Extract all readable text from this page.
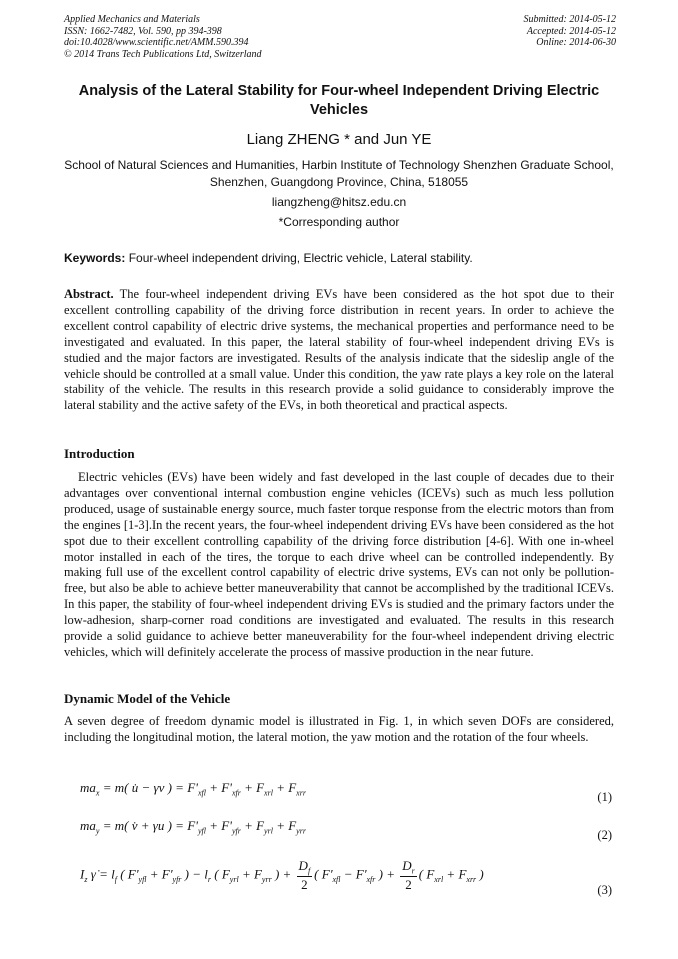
Applied Mechanics and Materials
ISSN: 1662-7482, Vol. 590, pp 394-398
doi:10.4028/www.scientific.net/AMM.590.394
© 2014 Trans Tech Publications Ltd, Switzerland
Submitted: 2014-05-12
Accepted: 2014-05-12
Online: 2014-06-30
Analysis of the Lateral Stability for Four-wheel Independent Driving Electric Vehicles
Liang ZHENG * and Jun YE
School of Natural Sciences and Humanities, Harbin Institute of Technology Shenzhen Graduate School, Shenzhen, Guangdong Province, China, 518055
liangzheng@hitsz.edu.cn
*Corresponding author
Keywords: Four-wheel independent driving, Electric vehicle, Lateral stability.
Abstract. The four-wheel independent driving EVs have been considered as the hot spot due to their excellent controlling capability of the driving force distribution in recent years. In order to achieve the excellent control capability of electric drive systems, the mechanical properties and performance need to be investigated and evaluated. In this paper, the lateral stability of four-wheel independent driving EVs is studied and the major factors are investigated. Results of the analysis indicate that the sideslip angle of the vehicle should be controlled at a small value. Under this condition, the yaw rate plays a key role on the lateral stability of the vehicle. The results in this research provide a solid guidance to considerably improve the lateral stability and the active safety of the EVs, in both theoretical and practical aspects.
Introduction
Electric vehicles (EVs) have been widely and fast developed in the last couple of decades due to their advantages over conventional internal combustion engine vehicles (ICEVs) such as much less pollution produced, usage of sustainable energy source, much faster torque response from the electric motors than from the engines [1-3].In the recent years, the four-wheel independent driving EVs have been considered as the hot spot due to their excellent controlling capability of the driving force distribution [4-6]. With one in-wheel motor installed in each of the tires, the torque to each drive wheel can be controlled independently. By making full use of the excellent control capability of electric drive systems, EVs can not only be pollution-free, but also be able to achieve better maneuverability that cannot be accomplished by the traditional ICEVs. In this paper, the stability of four-wheel independent driving EVs is studied and the primary factors under the low-adhesion, sharp-corner road conditions are investigated and evaluated. The results in this research provide a solid guidance to achieve better maneuverability for the four-wheel independent driving electric vehicles, which will definitely accelerate the process of massive production in the near future.
Dynamic Model of the Vehicle
A seven degree of freedom dynamic model is illustrated in Fig. 1, in which seven DOFs are considered, including the longitudinal motion, the lateral motion, the yaw motion and the rotation of the four wheels.
$ma_x = m$( u̇ − γv ) = $F'_{xfl} + F'_{xfr} + F_{xrl} + F_{xrr}$	(1)
$ma_y = m$( v̇ + γu ) = $F'_{yfl} + F'_{yfr} + F_{yrl} + F_{yrr}$	(2)
$I_z$ γ̇ = $l_f$ ( $F'_{yfl} + F'_{yfr}$ ) − $l_r$ ( $F_{yrl} + F_{yrr}$ ) + $\frac{D_f}{2}$ ( $F'_{xfl} - F'_{xfr}$ ) + $\frac{D_r}{2}$ ( $F_{xrl} + F_{xrr}$ )
(3)
